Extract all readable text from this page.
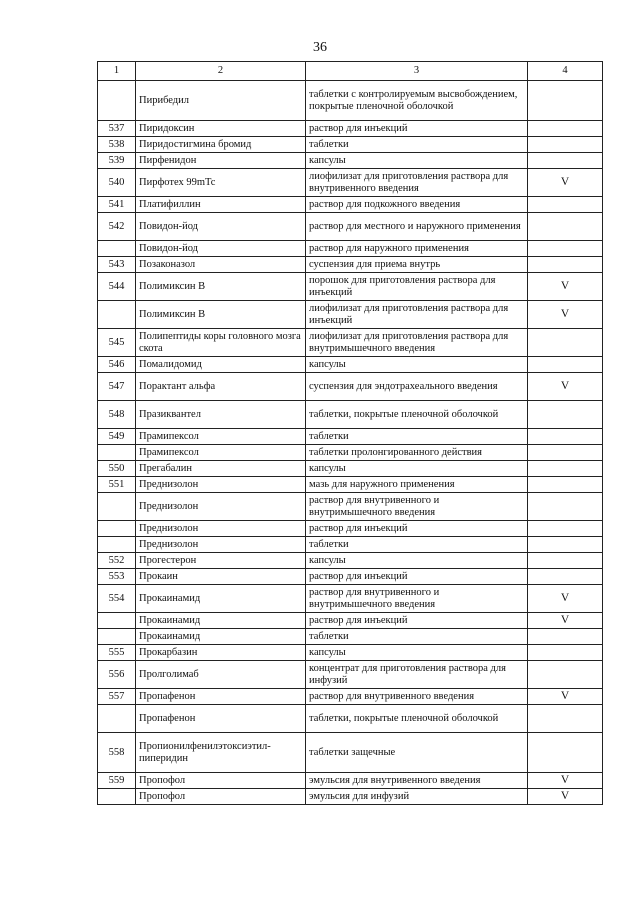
36
1	2	3	4
	Пирибедил	таблетки с контролируемым высвобождением, покрытые пленочной оболочкой	
537	Пиридоксин	раствор для инъекций	
538	Пиридостигмина бромид	таблетки	
539	Пирфенидон	капсулы	
540	Пирфотех 99mTc	лиофилизат для приготовления раствора для внутривенного введения	V
541	Платифиллин	раствор для подкожного введения	
542	Повидон-йод	раствор для местного и наружного применения	
	Повидон-йод	раствор для наружного применения	
543	Позаконазол	суспензия для приема внутрь	
544	Полимиксин В	порошок для приготовления раствора для инъекций	V
	Полимиксин В	лиофилизат для приготовления раствора для инъекций	V
545	Полипептиды коры головного мозга скота	лиофилизат для приготовления раствора для внутримышечного введения	
546	Помалидомид	капсулы	
547	Порактант альфа	суспензия для эндотрахеального введения	V
548	Празиквантел	таблетки, покрытые пленочной оболочкой	
549	Прамипексол	таблетки	
	Прамипексол	таблетки пролонгированного действия	
550	Прегабалин	капсулы	
551	Преднизолон	мазь для наружного применения	
	Преднизолон	раствор для внутривенного и внутримышечного введения	
	Преднизолон	раствор для инъекций	
	Преднизолон	таблетки	
552	Прогестерон	капсулы	
553	Прокаин	раствор для инъекций	
554	Прокаинамид	раствор для внутривенного и внутримышечного введения	V
	Прокаинамид	раствор для инъекций	V
	Прокаинамид	таблетки	
555	Прокарбазин	капсулы	
556	Пролголимаб	концентрат для приготовления раствора для инфузий	
557	Пропафенон	раствор для внутривенного введения	V
	Пропафенон	таблетки, покрытые пленочной оболочкой	
558	Пропионилфенилэтоксиэтил-пиперидин	таблетки защечные	
559	Пропофол	эмульсия для внутривенного введения	V
	Пропофол	эмульсия для инфузий	V
